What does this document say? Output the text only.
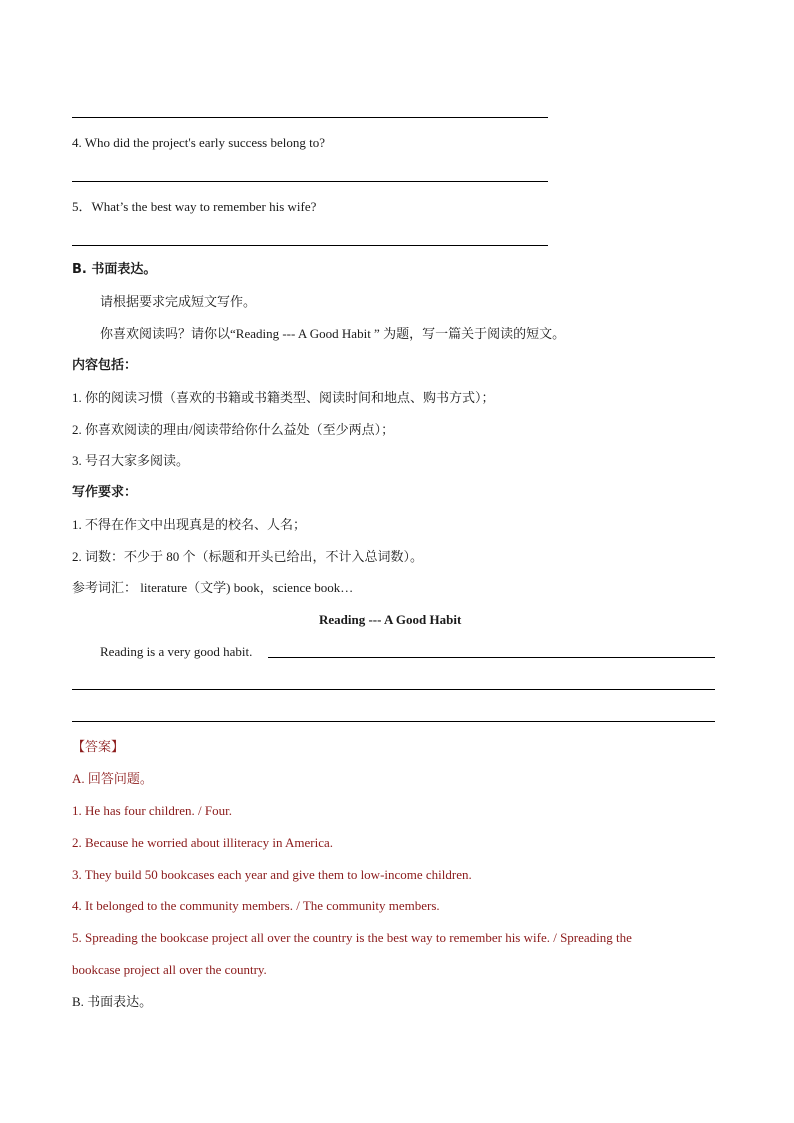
4. Who did the project's early success belong to?
5．What’s the best way to remember his wife?
B. 书面表达。
请根据要求完成短文写作。
你喜欢阅读吗？请你以“Reading --- A Good Habit ” 为题，写一篇关于阅读的短文。
内容包括：
1. 你的阅读习惯（喜欢的书籍或书籍类型、阅读时间和地点、购书方式）；
2. 你喜欢阅读的理由/阅读带给你什么益处（至少两点）；
3. 号召大家多阅读。
写作要求：
1. 不得在作文中出现真是的校名、人名；
2. 词数：不少于 80 个（标题和开头已给出，不计入总词数）。
参考词汇： literature（文学) book，science book…
Reading --- A Good Habit
Reading is a very good habit.
【答案】
A. 回答问题。
1. He has four children. / Four.
2. Because he worried about illiteracy in America.
3. They build 50 bookcases each year and give them to low-income children.
4. It belonged to the community members. / The community members.
5. Spreading the bookcase project all over the country is the best way to remember his wife. / Spreading the
bookcase project all over the country.
B. 书面表达。
